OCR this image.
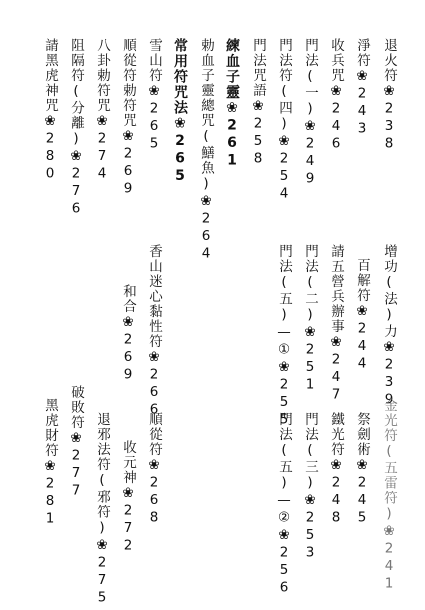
退火符❀238
增功(法)力❀239
金光符(五雷符)❀241
淨符❀243
百解符❀244
祭劍術❀245
收兵咒❀246
請五營兵辦事❀247
鐵光符❀248
門法(一)❀249
門法(二)❀251
門法(三)❀253
門法符(四)❀254
門法(五)—①❀255
門法(五)—②❀256
門法咒語❀258
練血子靈❀261
勅血子靈總咒(鱔魚)❀264
常用符咒法❀265
雪山符❀265
香山迷心黏性符❀266
順從符❀268
順從符勅符咒❀269
和合❀269
收元神❀272
八卦勅符咒❀274
退邪法符(邪符)❀275
阻隔符(分離)❀276
破敗符❀277
請黑虎神咒❀280
黑虎財符❀281
